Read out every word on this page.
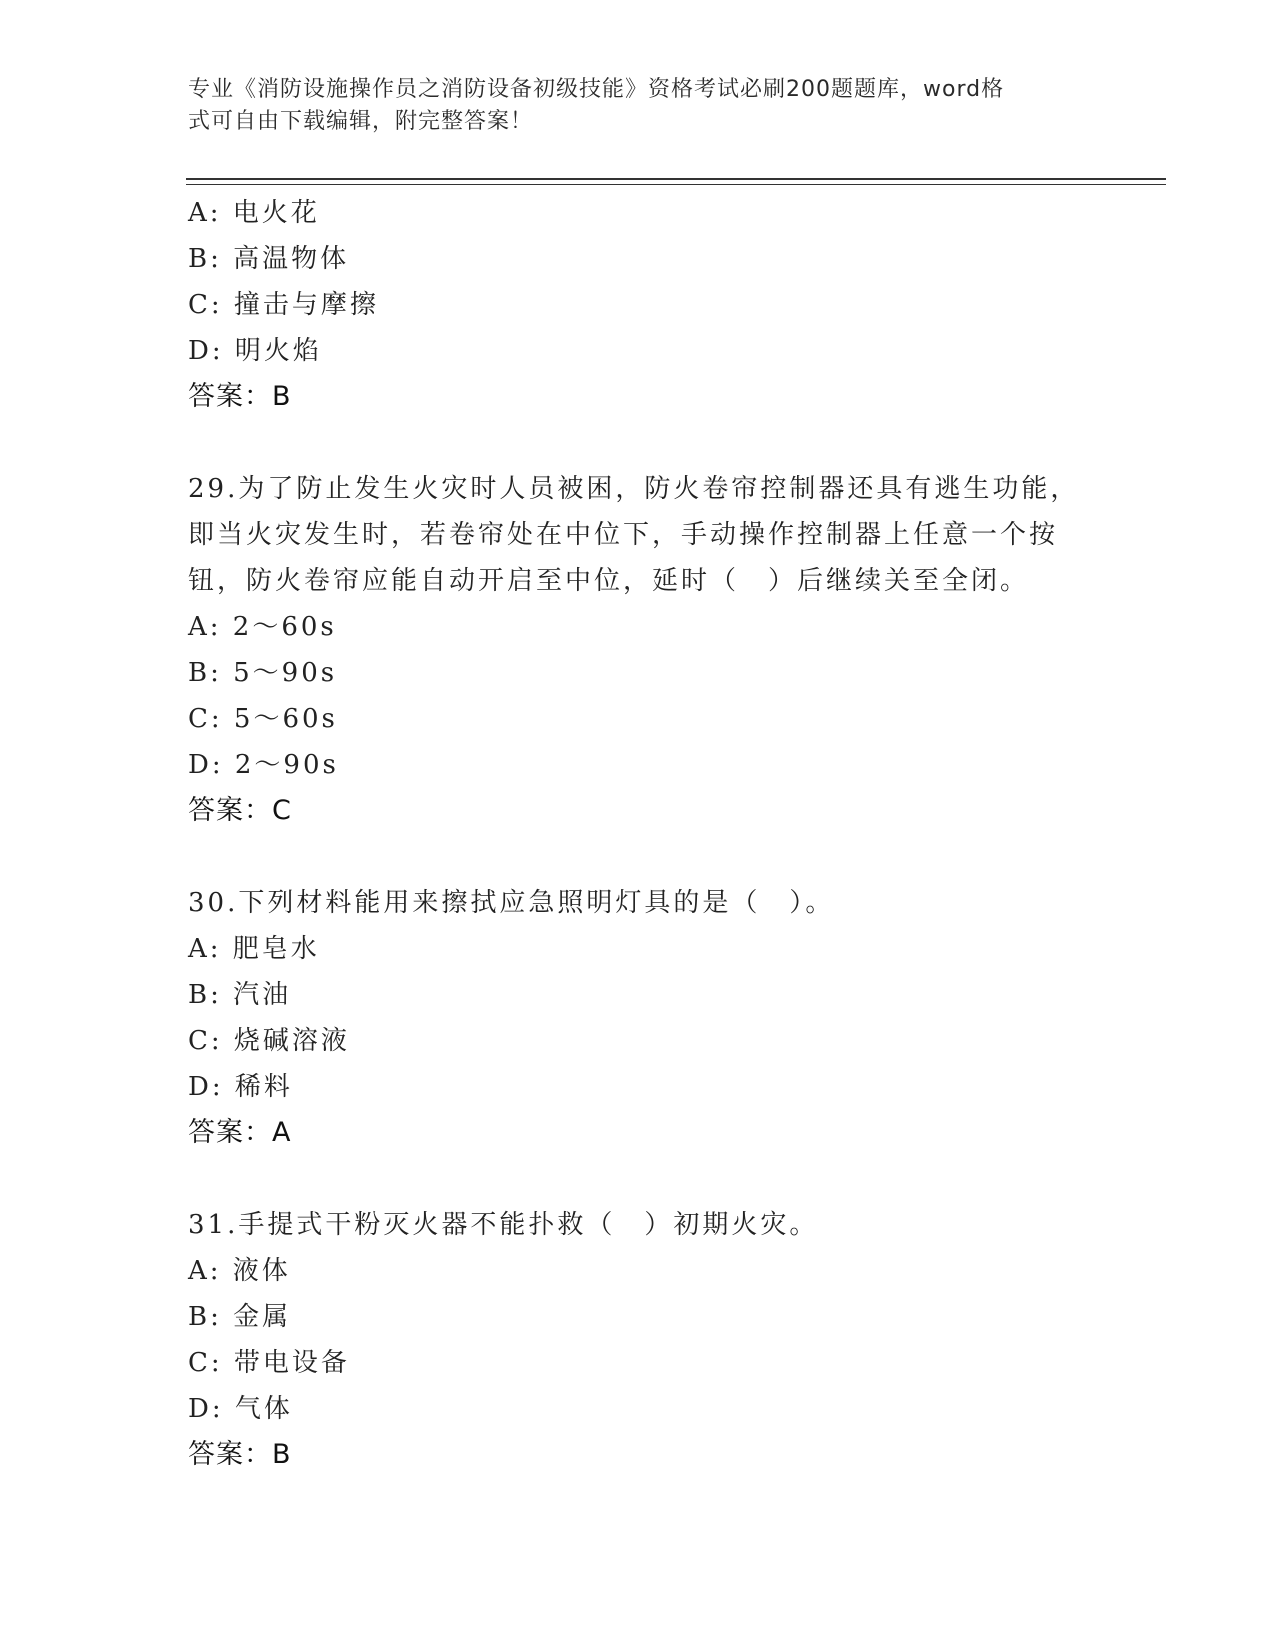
专业《消防设施操作员之消防设备初级技能》资格考试必刷200题题库，word格
式可自由下载编辑，附完整答案！
A: 电火花
B: 高温物体
C: 撞击与摩擦
D: 明火焰
答案：B
29.为了防止发生火灾时人员被困，防火卷帘控制器还具有逃生功能，
即当火灾发生时，若卷帘处在中位下，手动操作控制器上任意一个按
钮，防火卷帘应能自动开启至中位，延时（　）后继续关至全闭。
A: 2～60s
B: 5～90s
C: 5～60s
D: 2～90s
答案：C
30.下列材料能用来擦拭应急照明灯具的是（　）。
A: 肥皂水
B: 汽油
C: 烧碱溶液
D: 稀料
答案：A
31.手提式干粉灭火器不能扑救（　）初期火灾。
A: 液体
B: 金属
C: 带电设备
D: 气体
答案：B
